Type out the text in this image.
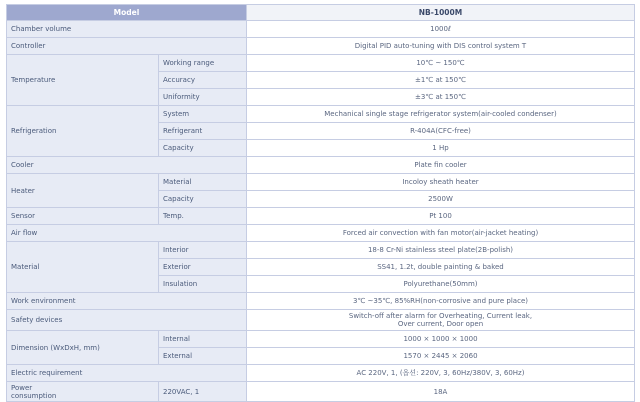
Model		NB-1000M
Chamber volume		1000ℓ
Controller		Digital PID auto-tuning with DIS control system T
Temperature	Working range	10℃ ~ 150℃
	Accuracy	±1℃ at 150℃
	Uniformity	±3℃ at 150℃
Refrigeration	System	Mechanical single stage refrigerator system(air-cooled condenser)
	Refrigerant	R-404A(CFC-free)
	Capacity	1 Hp
Cooler		Plate fin cooler
Heater	Material	Incoloy sheath heater
	Capacity	2500W
Sensor	Temp.	Pt 100
Air flow		Forced air convection with fan motor(air-jacket heating)
Material	Interior	18-8 Cr-Ni stainless steel plate(2B-polish)
	Exterior	SS41, 1.2t, double painting & baked
	Insulation	Polyurethane(50mm)
Work environment		3℃ ~35℃, 85%RH(non-corrosive and pure place)
Safety devices		Switch-off after alarm for Overheating, Current leak,
Over current, Door open
Dimension (WxDxH, mm)	Internal	1000 × 1000 × 1000
	External	1570 × 2445 × 2060
Electric requirement		AC 220V, 1, (옵션: 220V, 3, 60Hz/380V, 3, 60Hz)
Power
consumption	220VAC, 1	18A
